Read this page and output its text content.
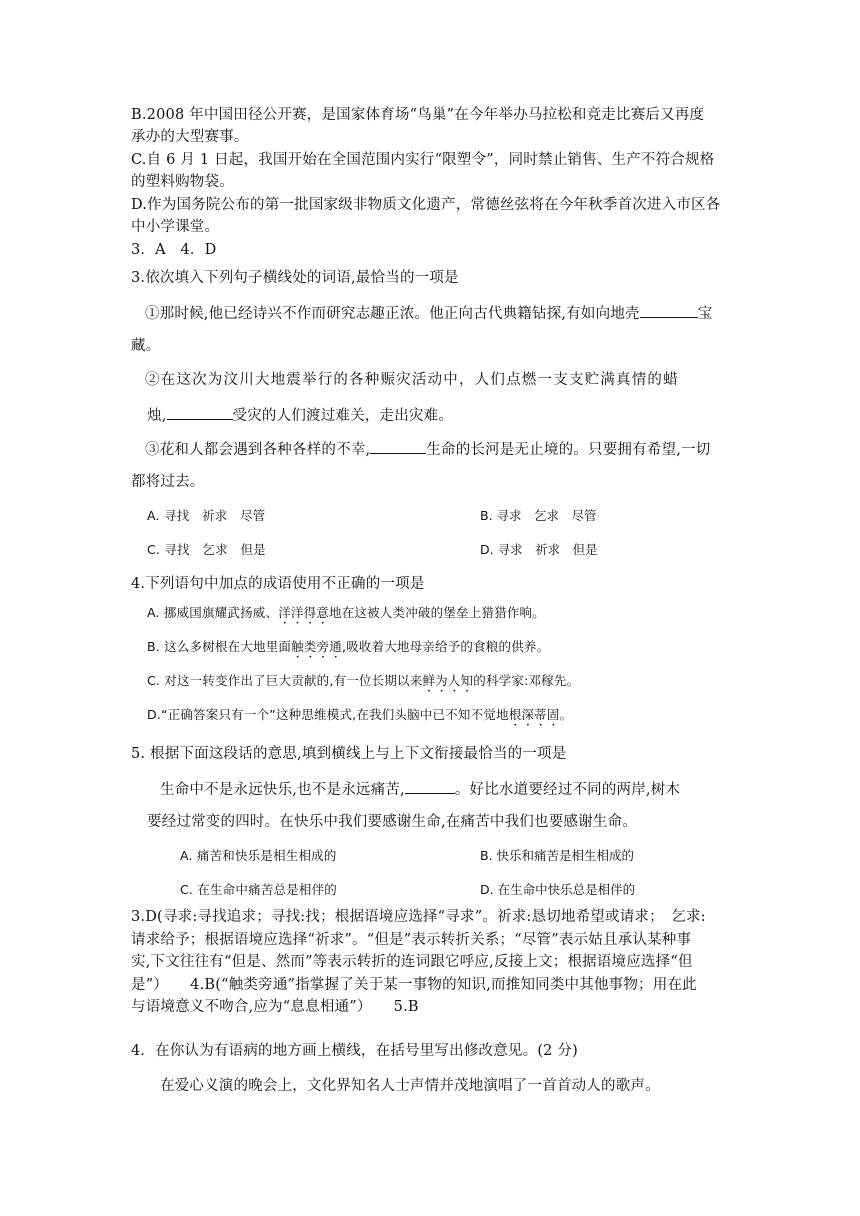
B.2008 年中国田径公开赛，是国家体育场“鸟巢”在今年举办马拉松和竞走比赛后又再度
承办的大型赛事。
C.自 6 月 1 日起，我国开始在全国范围内实行“限塑令”，同时禁止销售、生产不符合规格
的塑料购物袋。
D.作为国务院公布的第一批国家级非物质文化遗产，常德丝弦将在今年秋季首次进入市区各
中小学课堂。
3．A　4．D
3.依次填入下列句子横线处的词语,最恰当的一项是
①那时候,他已经诗兴不作而研究志趣正浓。他正向古代典籍钻探,有如向地壳	宝
藏。
②在这次为汶川大地震举行的各种赈灾活动中，人们点燃一支支贮满真情的蜡
烛,	受灾的人们渡过难关，走出灾难。
③花和人都会遇到各种各样的不幸,	生命的长河是无止境的。只要拥有希望,一切
都将过去。
A. 寻找　祈求　尽管	B. 寻求　乞求　尽管
C. 寻找　乞求　但是	D. 寻求　祈求　但是
4.下列语句中加点的成语使用不正确的一项是
A. 挪威国旗耀武扬威、洋洋得意地在这被人类冲破的堡垒上猎猎作响。
B. 这么多树根在大地里面触类旁通,吸收着大地母亲给予的食粮的供养。
C. 对这一转变作出了巨大贡献的,有一位长期以来鲜为人知的科学家:邓稼先。
D.“正确答案只有一个”这种思维模式,在我们头脑中已不知不觉地根深蒂固。
5. 根据下面这段话的意思,填到横线上与上下文衔接最恰当的一项是
生命中不是永远快乐,也不是永远痛苦,	。好比水道要经过不同的两岸,树木
要经过常变的四时。在快乐中我们要感谢生命,在痛苦中我们也要感谢生命。
A. 痛苦和快乐是相生相成的	B. 快乐和痛苦是相生相成的
C. 在生命中痛苦总是相伴的	D. 在生命中快乐总是相伴的
3.D(寻求:寻找追求；寻找:找；根据语境应选择“寻求”。祈求:恳切地希望或请求；　乞求:
请求给予；根据语境应选择“祈求”。“但是”表示转折关系；“尽管”表示姑且承认某种事
实,下文往往有“但是、然而”等表示转折的连词跟它呼应,反接上文；根据语境应选择“但
是”）　　4.B(“触类旁通”指掌握了关于某一事物的知识,而推知同类中其他事物；用在此
与语境意义不吻合,应为“息息相通”）　　5.B
4．在你认为有语病的地方画上横线，在括号里写出修改意见。(2 分)
在爱心义演的晚会上，文化界知名人士声情并茂地演唱了一首首动人的歌声。
